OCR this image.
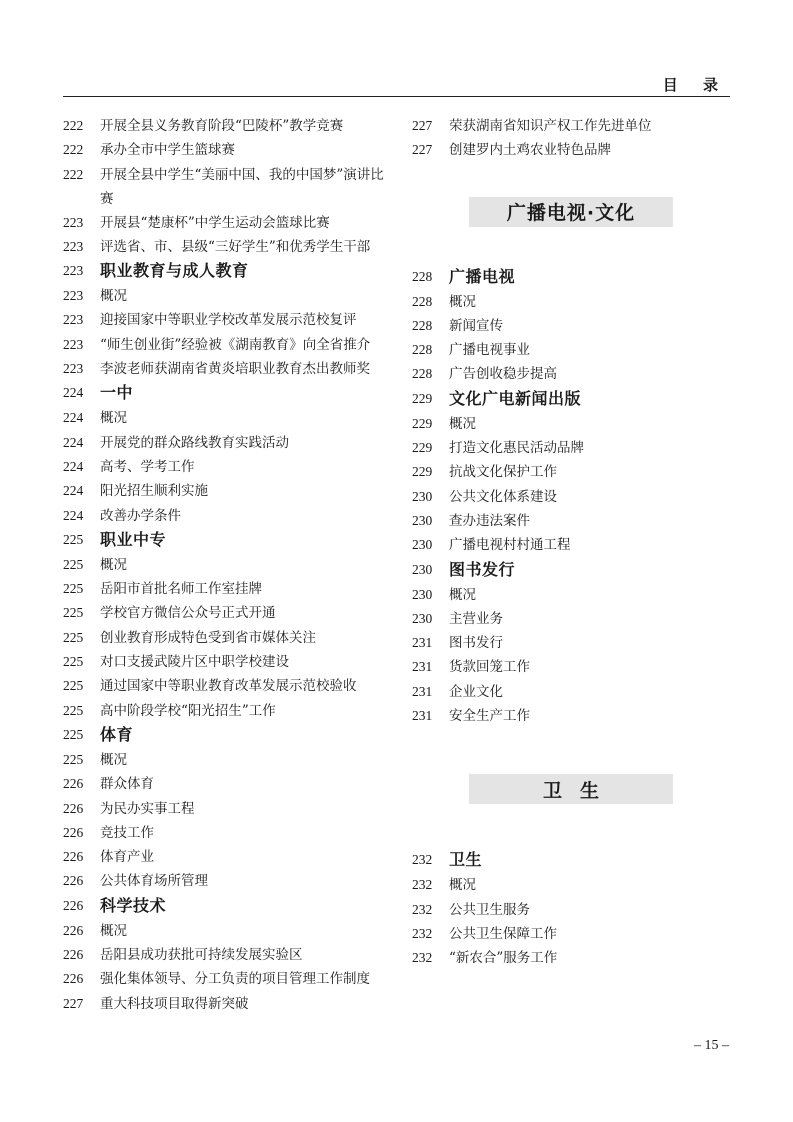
目 录
222	开展全县义务教育阶段“巴陵杯”教学竞赛
222	承办全市中学生篮球赛
222	开展全县中学生“美丽中国、我的中国梦”演讲比赛
223	开展县“楚康杯”中学生运动会篮球比赛
223	评选省、市、县级“三好学生”和优秀学生干部
223	职业教育与成人教育
223	概况
223	迎接国家中等职业学校改革发展示范校复评
223	“师生创业街”经验被《湖南教育》向全省推介
223	李波老师获湖南省黄炎培职业教育杰出教师奖
224	一中
224	概况
224	开展党的群众路线教育实践活动
224	高考、学考工作
224	阳光招生顺利实施
224	改善办学条件
225	职业中专
225	概况
225	岳阳市首批名师工作室挂牌
225	学校官方微信公众号正式开通
225	创业教育形成特色受到省市媒体关注
225	对口支援武陵片区中职学校建设
225	通过国家中等职业教育改革发展示范校验收
225	高中阶段学校“阳光招生”工作
225	体育
225	概况
226	群众体育
226	为民办实事工程
226	竞技工作
226	体育产业
226	公共体育场所管理
226	科学技术
226	概况
226	岳阳县成功获批可持续发展实验区
226	强化集体领导、分工负责的项目管理工作制度
227	重大科技项目取得新突破
227	荣获湖南省知识产权工作先进单位
227	创建罗内土鸡农业特色品牌
广播电视·文化
228	广播电视
228	概况
228	新闻宣传
228	广播电视事业
228	广告创收稳步提高
229	文化广电新闻出版
229	概况
229	打造文化惠民活动品牌
229	抗战文化保护工作
230	公共文化体系建设
230	查办违法案件
230	广播电视村村通工程
230	图书发行
230	概况
230	主营业务
231	图书发行
231	货款回笼工作
231	企业文化
231	安全生产工作
卫生
232	卫生
232	概况
232	公共卫生服务
232	公共卫生保障工作
232	“新农合”服务工作
– 15 –
